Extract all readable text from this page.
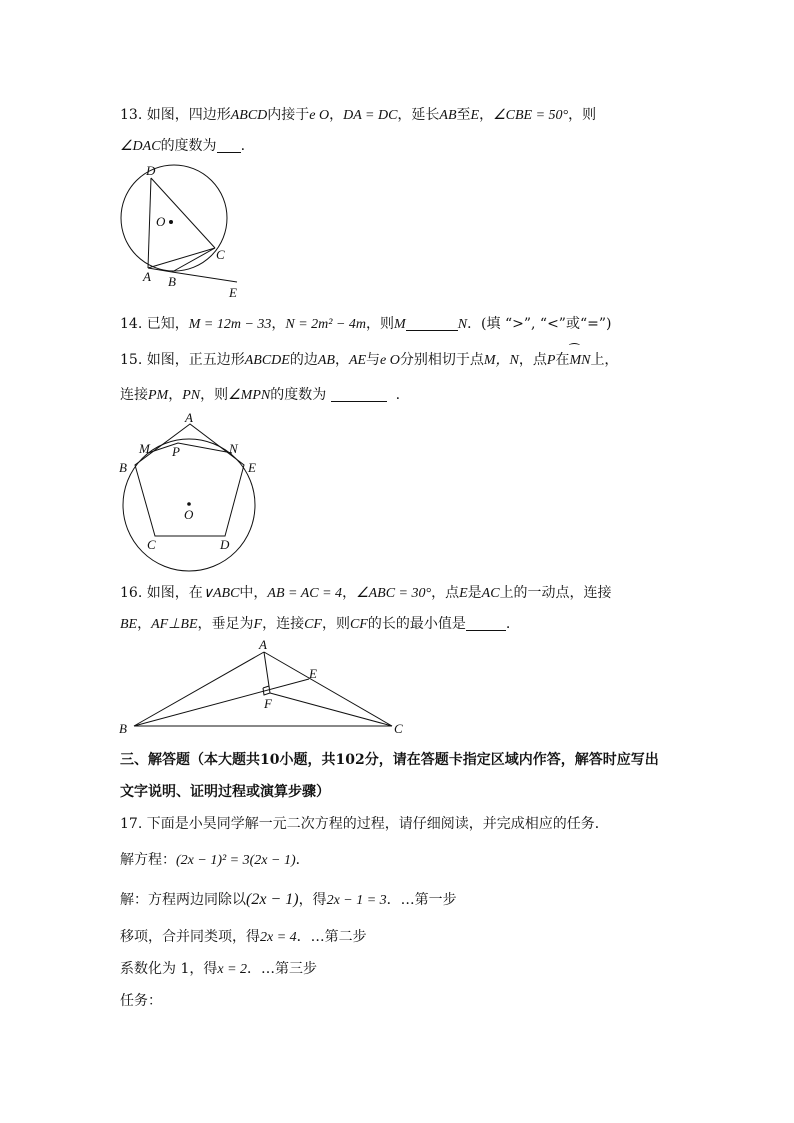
13. 如图，四边形ABCD内接于e O，DA = DC，延长AB至E，∠CBE = 50°，则
∠DAC的度数为 .
D
O
C
A B
E
14. 已知，M = 12m − 33，N = 2m² − 4m，则M	N．(填 “>”, “<”或“=”)
15. 如图，正五边形ABCDE的边AB，AE与e O分别相切于点M，N，点P在
⁀
MN上，
连接PM，PN，则∠MPN的度数为	.
A
M P	N
B	E
O
C	D
16. 如图，在∨ABC中，AB = AC = 4，∠ABC = 30°，点E是AC上的一动点，连接
BE，AF⊥BE，垂足为F，连接CF，则CF的长的最小值是	.
A
E
F
B	C
三、解答题（本大题共10小题，共102分，请在答题卡指定区域内作答，解答时应写出
文字说明、证明过程或演算步骤）
17. 下面是小昊同学解一元二次方程的过程，请仔细阅读，并完成相应的任务．
解方程：(2x − 1)² = 3(2x − 1)．
解：方程两边同除以(2x − 1)，得2x − 1 = 3．…第一步
移项，合并同类项，得2x = 4．…第二步
系数化为 1，得x = 2．…第三步
任务：
